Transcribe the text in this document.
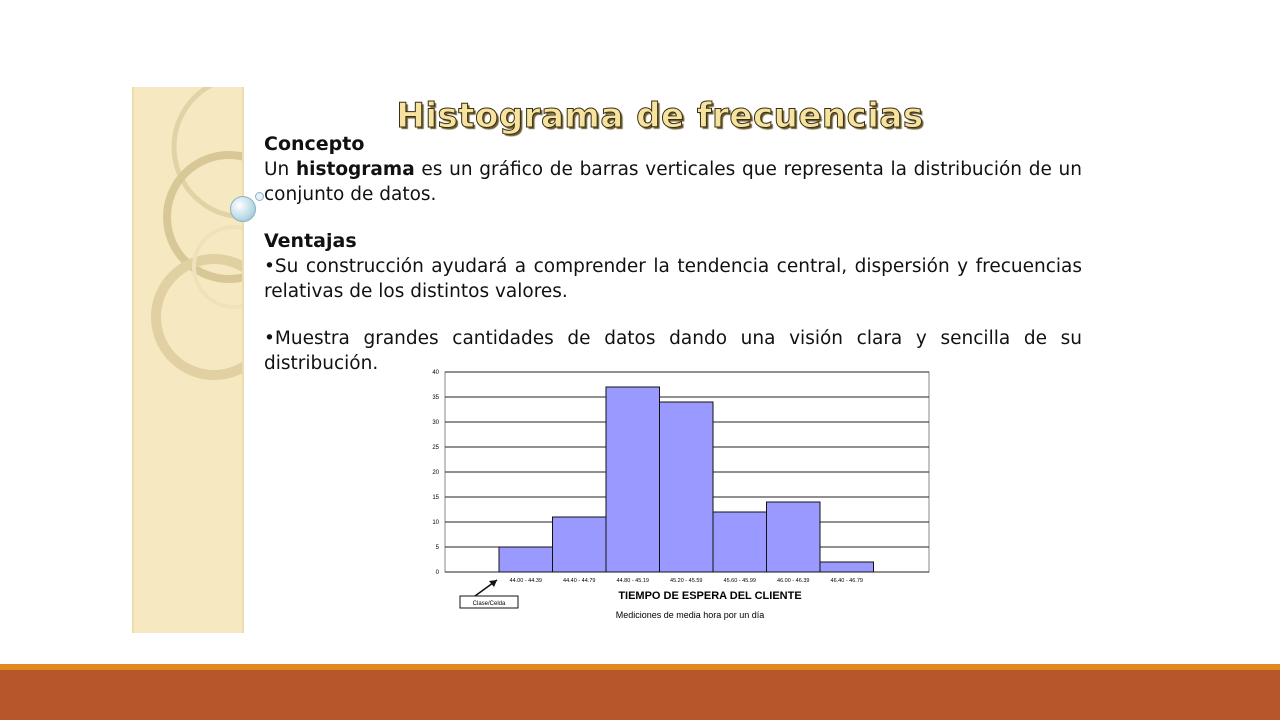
Histograma de frecuencias

Concepto

Un histograma es un gráfico de barras verticales que representa la distribución de un conjunto de datos.

Ventajas

•Su construcción ayudará a comprender la tendencia central, dispersión y frecuencias relativas de los distintos valores.

•Muestra grandes cantidades de datos dando una visión clara y sencilla de su distribución.

0
5
10
15
20
25
30
35
40
44.00 - 44.39	44.40 - 44.79	44.80 - 45.19	45.20 - 45.59	45.60 - 45.99	46.00 - 46.39	46.40 - 46.79
Clase/Celda
TIEMPO DE ESPERA DEL CLIENTE
Mediciones de media hora por un día
